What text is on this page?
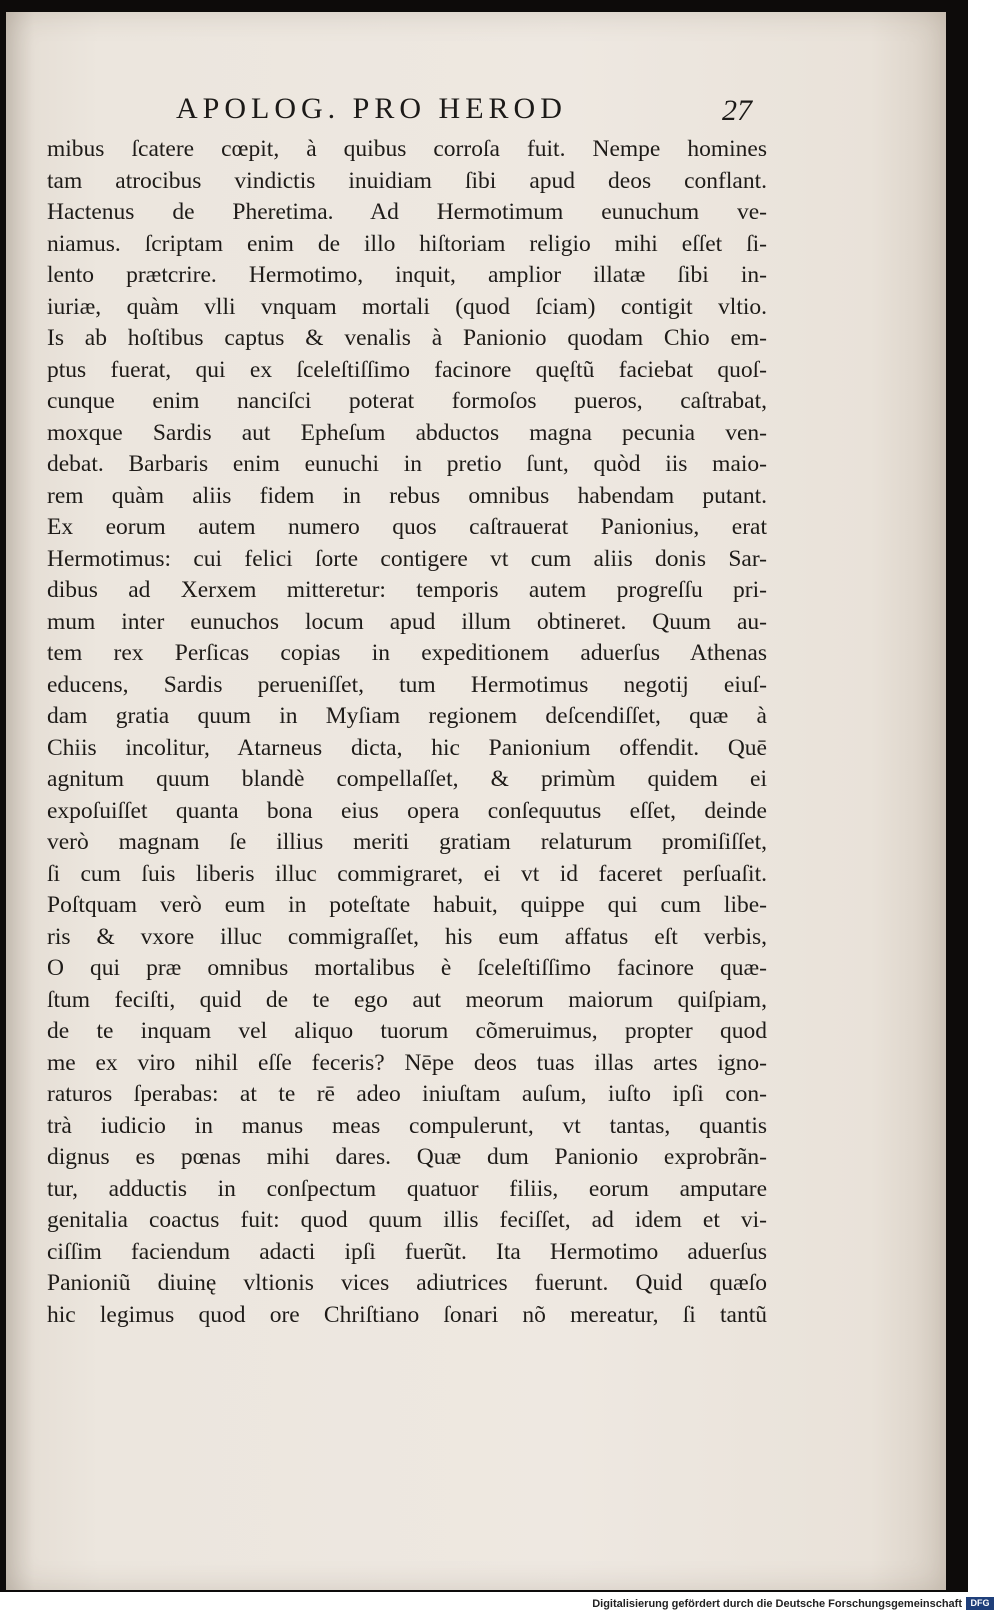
APOLOG. PRO HEROD	27
mibus ſcatere cœpit, à quibus corroſa fuit. Nempe homines
tam atrocibus vindictis inuidiam ſibi apud deos conflant.
Hactenus de Pheretima. Ad Hermotimum eunuchum ve-
niamus. ſcriptam enim de illo hiſtoriam religio mihi eſſet ſi-
lento prætcrire. Hermotimo, inquit, amplior illatæ ſibi in-
iuriæ, quàm vlli vnquam mortali (quod ſciam) contigit vltio.
Is ab hoſtibus captus & venalis à Panionio quodam Chio em-
ptus fuerat, qui ex ſceleſtiſſimo facinore quęſtũ faciebat quoſ-
cunque enim nanciſci poterat formoſos pueros, caſtrabat,
moxque Sardis aut Epheſum abductos magna pecunia ven-
debat. Barbaris enim eunuchi in pretio ſunt, quòd iis maio-
rem quàm aliis fidem in rebus omnibus habendam putant.
Ex eorum autem numero quos caſtrauerat Panionius, erat
Hermotimus: cui felici ſorte contigere vt cum aliis donis Sar-
dibus ad Xerxem mitteretur: temporis autem progreſſu pri-
mum inter eunuchos locum apud illum obtineret. Quum au-
tem rex Perſicas copias in expeditionem aduerſus Athenas
educens, Sardis perueniſſet, tum Hermotimus negotij eiuſ-
dam gratia quum in Myſiam regionem deſcendiſſet, quæ à
Chiis incolitur, Atarneus dicta, hic Panionium offendit. Quē
agnitum quum blandè compellaſſet, & primùm quidem ei
expoſuiſſet quanta bona eius opera conſequutus eſſet, deinde
verò magnam ſe illius meriti gratiam relaturum promiſiſſet,
ſi cum ſuis liberis illuc commigraret, ei vt id faceret perſuaſit.
Poſtquam verò eum in poteſtate habuit, quippe qui cum libe-
ris & vxore illuc commigraſſet, his eum affatus eſt verbis,
O qui præ omnibus mortalibus è ſceleſtiſſimo facinore quæ-
ſtum feciſti, quid de te ego aut meorum maiorum quiſpiam,
de te inquam vel aliquo tuorum cõmeruimus, propter quod
me ex viro nihil eſſe feceris? Nēpe deos tuas illas artes igno-
raturos ſperabas: at te rē adeo iniuſtam auſum, iuſto ipſi con-
trà iudicio in manus meas compulerunt, vt tantas, quantis
dignus es pœnas mihi dares. Quæ dum Panionio exprobrãn-
tur, adductis in conſpectum quatuor filiis, eorum amputare
genitalia coactus fuit: quod quum illis feciſſet, ad idem et vi-
ciſſim faciendum adacti ipſi fuerũt. Ita Hermotimo aduerſus
Panioniũ diuinę vltionis vices adiutrices fuerunt. Quid quæſo
hic legimus quod ore Chriſtiano ſonari nõ mereatur, ſi tantũ
Digitalisierung gefördert durch die Deutsche Forschungsgemeinschaft DFG
